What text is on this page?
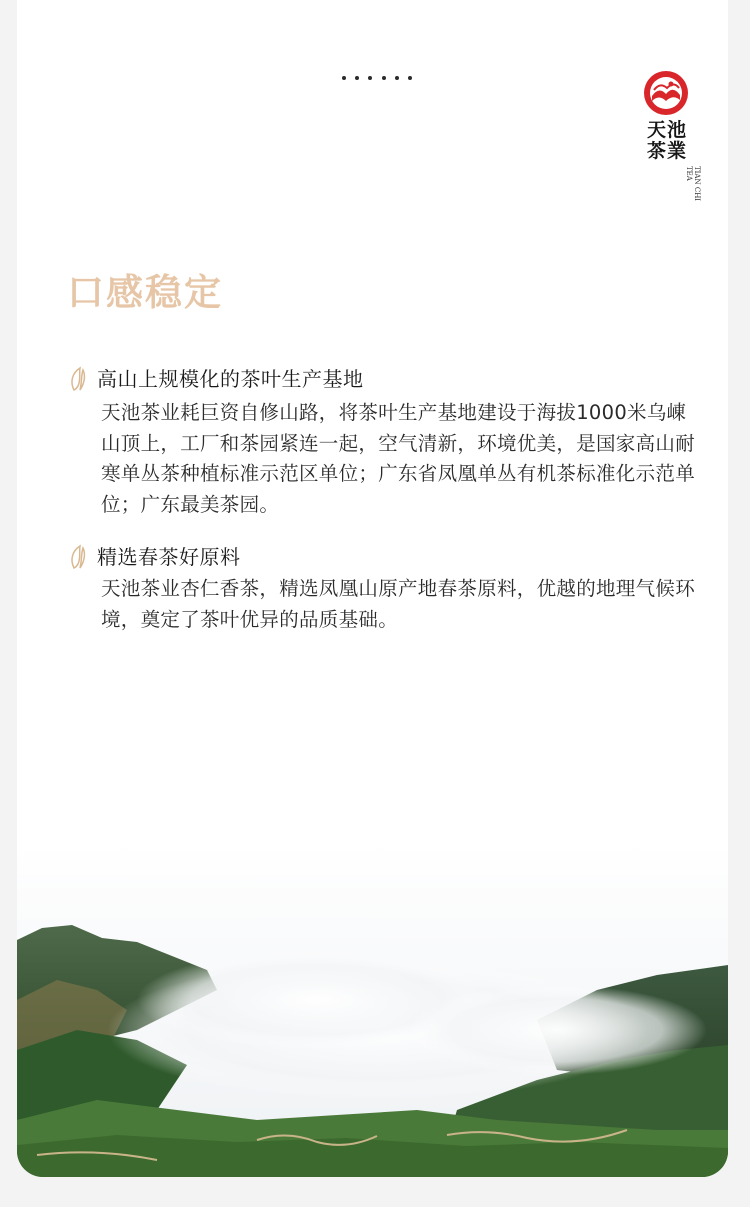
天池茶業
TIAN CHI TEA
口感稳定
高山上规模化的茶叶生产基地
天池茶业耗巨资自修山路，将茶叶生产基地建设于海拔1000米乌崠山顶上，工厂和茶园紧连一起，空气清新，环境优美，是国家高山耐寒单丛茶种植标准示范区单位；广东省凤凰单丛有机茶标准化示范单位；广东最美茶园。
精选春茶好原料
天池茶业杏仁香茶，精选凤凰山原产地春茶原料，优越的地理气候环境，奠定了茶叶优异的品质基础。
